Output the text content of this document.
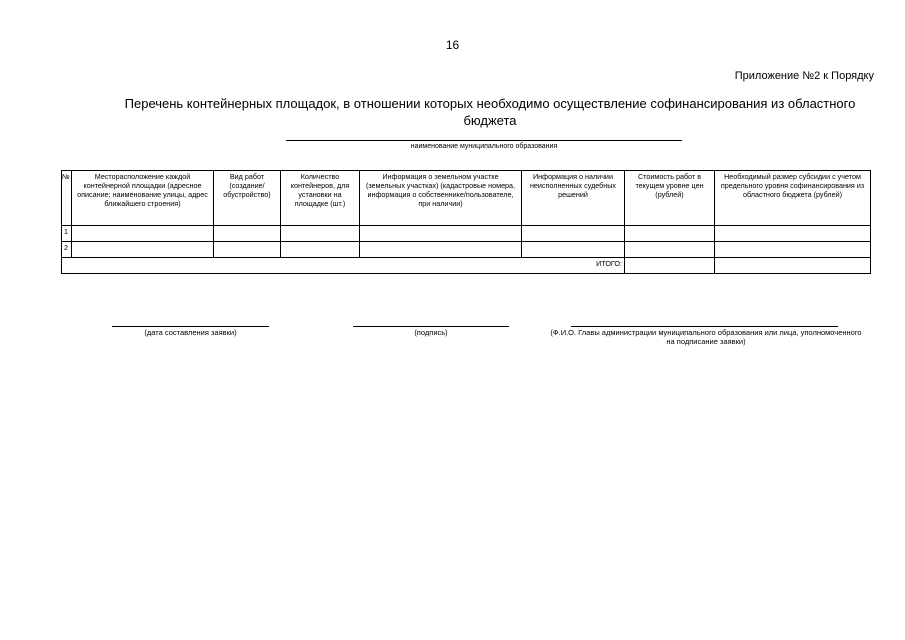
16
Приложение №2 к Порядку
Перечень контейнерных площадок, в отношении которых необходимо осуществление софинансирования из областного бюджета
наименование муниципального образования
№	Месторасположение каждой контейнерной площадки (адресное описание: наименование улицы, адрес ближайшего строения)	Вид работ (создание/ обустройство)	Количество контейнеров, для установки на площадке (шт.)	Информация о земельном участке (земельных участках) (кадастровые номера, информация о собственнике/пользователе, при наличии)	Информация о наличии неисполненных судебных решений	Стоимость работ в текущем уровне цен (рублей)	Необходимый размер субсидии с учетом предельного уровня софинансирования из областного бюджета (рублей)
1							
2							
ИТОГО:							
(дата составления заявки)	(подпись)	(Ф.И.О. Главы администрации муниципального образования или лица, уполномоченного на подписание заявки)
